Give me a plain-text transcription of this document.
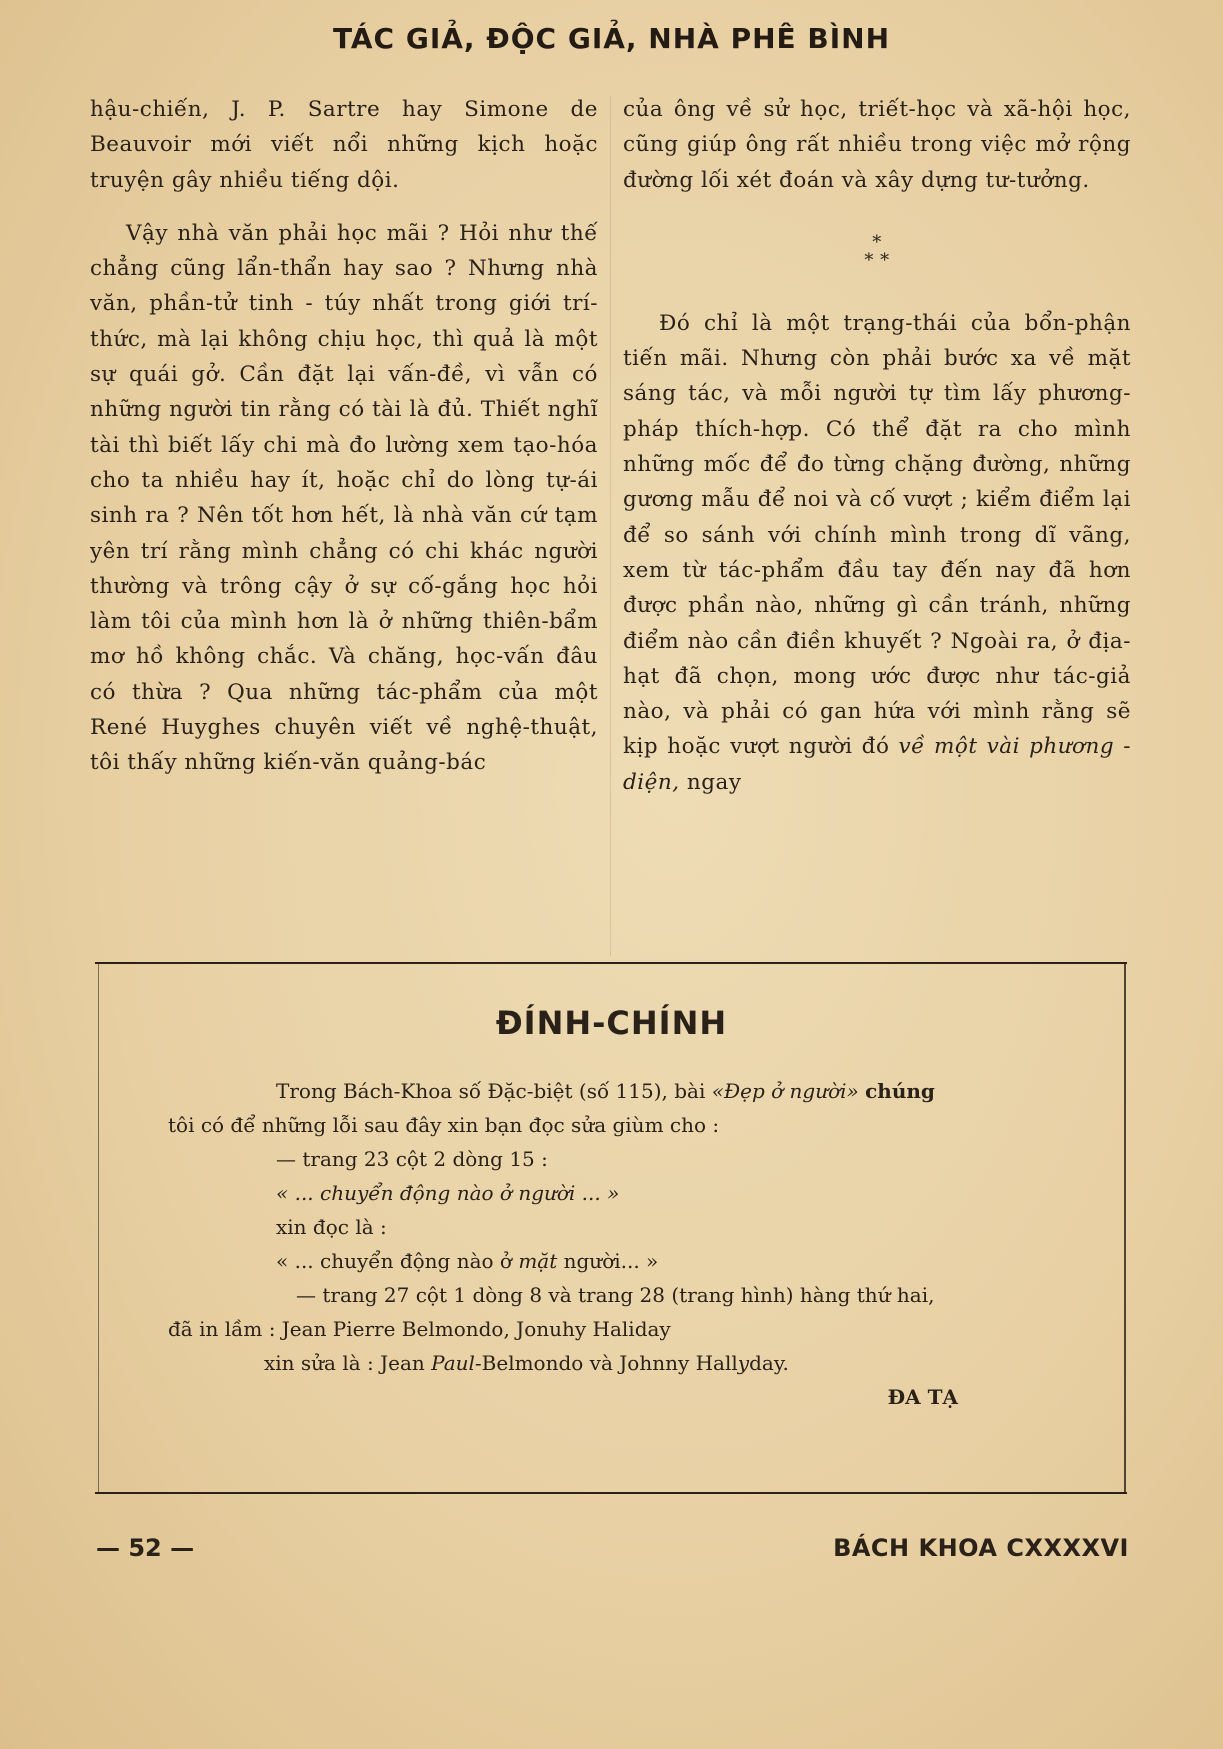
TÁC GIẢ, ĐỘC GIẢ, NHÀ PHÊ BÌNH

hậu-chiến, J. P. Sartre hay Simone de Beauvoir mới viết nổi những kịch hoặc truyện gây nhiều tiếng dội.

Vậy nhà văn phải học mãi ? Hỏi như thế chẳng cũng lẩn-thẩn hay sao ? Nhưng nhà văn, phần-tử tinh - túy nhất trong giới trí-thức, mà lại không chịu học, thì quả là một sự quái gở. Cần đặt lại vấn-đề, vì vẫn có những người tin rằng có tài là đủ. Thiết nghĩ tài thì biết lấy chi mà đo lường xem tạo-hóa cho ta nhiều hay ít, hoặc chỉ do lòng tự-ái sinh ra ? Nên tốt hơn hết, là nhà văn cứ tạm yên trí rằng mình chẳng có chi khác người thường và trông cậy ở sự cố-gắng học hỏi làm tôi của mình hơn là ở những thiên-bẩm mơ hồ không chắc. Và chăng, học-vấn đâu có thừa ? Qua những tác-phẩm của một René Huyghes chuyên viết về nghệ-thuật, tôi thấy những kiến-văn quảng-bác

của ông về sử học, triết-học và xã-hội học, cũng giúp ông rất nhiều trong việc mở rộng đường lối xét đoán và xây dựng tư-tưởng.

*
* *

Đó chỉ là một trạng-thái của bổn-phận tiến mãi. Nhưng còn phải bước xa về mặt sáng tác, và mỗi người tự tìm lấy phương-pháp thích-hợp. Có thể đặt ra cho mình những mốc để đo từng chặng đường, những gương mẫu để noi và cố vượt ; kiểm điểm lại để so sánh với chính mình trong dĩ vãng, xem từ tác-phẩm đầu tay đến nay đã hơn được phần nào, những gì cần tránh, những điểm nào cần điền khuyết ? Ngoài ra, ở địa-hạt đã chọn, mong ước được như tác-giả nào, và phải có gan hứa với mình rằng sẽ kịp hoặc vượt người đó về một vài phương - diện, ngay

ĐÍNH-CHÍNH

Trong Bách-Khoa số Đặc-biệt (số 115), bài «Đẹp ở người» chúng

tôi có để những lỗi sau đây xin bạn đọc sửa giùm cho :

— trang 23 cột 2 dòng 15 :

« ... chuyển động nào ở người ... »

xin đọc là :

« ... chuyển động nào ở mặt người... »

— trang 27 cột 1 dòng 8 và trang 28 (trang hình) hàng thứ hai,

đã in lầm : Jean Pierre Belmondo, Jonuhy Haliday

xin sửa là : Jean Paul-Belmondo và Johnny Hallyday.

ĐA TẠ

— 52 —	BÁCH KHOA CXXXXVI
